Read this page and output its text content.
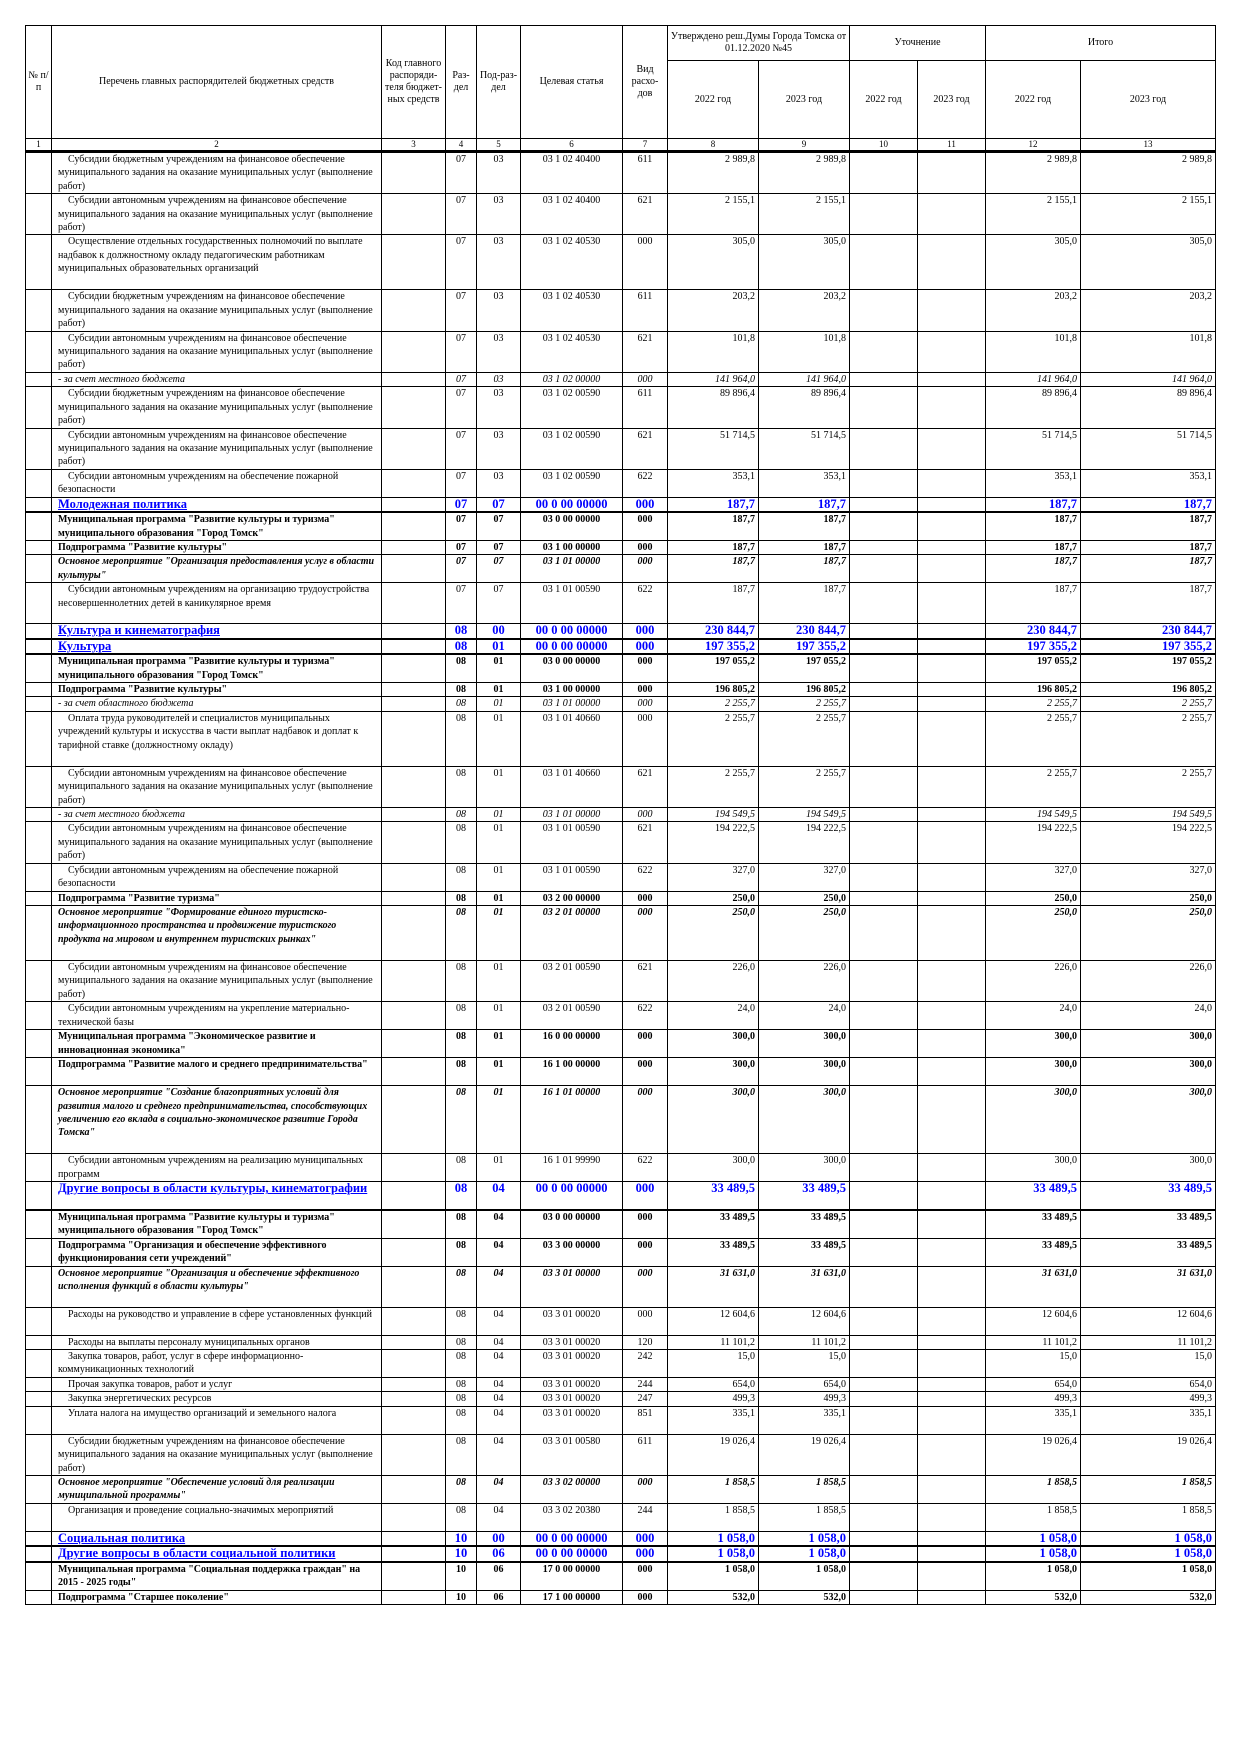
№ п/п	Перечень главных распорядителей бюджетных средств	Код главного распоряди-теля бюджет-ных средств	Раз-дел	Под-раз-дел	Целевая статья	Вид расхо-дов	Утверждено реш.Думы Города Томска от 01.12.2020 №45		Уточнение		Итого	
							2022 год	2023 год	2022 год	2023 год	2022 год	2023 год
1	2	3	4	5	6	7	8	9	10	11	12	13
	Субсидии бюджетным учреждениям на финансовое обеспечение муниципального задания на оказание муниципальных услуг (выполнение работ)		07	03	03 1 02 40400	611	2 989,8	2 989,8			2 989,8	2 989,8
	Субсидии автономным учреждениям на финансовое обеспечение муниципального задания на оказание муниципальных услуг (выполнение работ)		07	03	03 1 02 40400	621	2 155,1	2 155,1			2 155,1	2 155,1
	Осуществление отдельных государственных полномочий по выплате надбавок к должностному окладу педагогическим работникам муниципальных образовательных организаций		07	03	03 1 02 40530	000	305,0	305,0			305,0	305,0
	Субсидии бюджетным учреждениям на финансовое обеспечение муниципального задания на оказание муниципальных услуг (выполнение работ)		07	03	03 1 02 40530	611	203,2	203,2			203,2	203,2
	Субсидии автономным учреждениям на финансовое обеспечение муниципального задания на оказание муниципальных услуг (выполнение работ)		07	03	03 1 02 40530	621	101,8	101,8			101,8	101,8
	- за счет местного бюджета		07	03	03 1 02 00000	000	141 964,0	141 964,0			141 964,0	141 964,0
	Субсидии бюджетным учреждениям на финансовое обеспечение муниципального задания на оказание муниципальных услуг (выполнение работ)		07	03	03 1 02 00590	611	89 896,4	89 896,4			89 896,4	89 896,4
	Субсидии автономным учреждениям на финансовое обеспечение муниципального задания на оказание муниципальных услуг (выполнение работ)		07	03	03 1 02 00590	621	51 714,5	51 714,5			51 714,5	51 714,5
	Субсидии автономным учреждениям на обеспечение пожарной безопасности		07	03	03 1 02 00590	622	353,1	353,1			353,1	353,1
	Молодежная политика		07	07	00 0 00 00000	000	187,7	187,7			187,7	187,7
	Муниципальная программа "Развитие культуры и туризма" муниципального образования "Город Томск"		07	07	03 0 00 00000	000	187,7	187,7			187,7	187,7
	Подпрограмма "Развитие культуры"		07	07	03 1 00 00000	000	187,7	187,7			187,7	187,7
	Основное мероприятие "Организация предоставления услуг в области культуры"		07	07	03 1 01 00000	000	187,7	187,7			187,7	187,7
	Субсидии автономным учреждениям на организацию трудоустройства несовершеннолетних детей в каникулярное время		07	07	03 1 01 00590	622	187,7	187,7			187,7	187,7
	Культура и кинематография		08	00	00 0 00 00000	000	230 844,7	230 844,7			230 844,7	230 844,7
	Культура		08	01	00 0 00 00000	000	197 355,2	197 355,2			197 355,2	197 355,2
	Муниципальная программа "Развитие культуры и туризма" муниципального образования "Город Томск"		08	01	03 0 00 00000	000	197 055,2	197 055,2			197 055,2	197 055,2
	Подпрограмма "Развитие культуры"		08	01	03 1 00 00000	000	196 805,2	196 805,2			196 805,2	196 805,2
	- за счет областного бюджета		08	01	03 1 01 00000	000	2 255,7	2 255,7			2 255,7	2 255,7
	Оплата труда руководителей и специалистов муниципальных учреждений культуры и искусства в части выплат надбавок и доплат к тарифной ставке (должностному окладу)		08	01	03 1 01 40660	000	2 255,7	2 255,7			2 255,7	2 255,7
	Субсидии автономным учреждениям на финансовое обеспечение муниципального задания на оказание муниципальных услуг (выполнение работ)		08	01	03 1 01 40660	621	2 255,7	2 255,7			2 255,7	2 255,7
	- за счет местного бюджета		08	01	03 1 01 00000	000	194 549,5	194 549,5			194 549,5	194 549,5
	Субсидии автономным учреждениям на финансовое обеспечение муниципального задания на оказание муниципальных услуг (выполнение работ)		08	01	03 1 01 00590	621	194 222,5	194 222,5			194 222,5	194 222,5
	Субсидии автономным учреждениям на обеспечение пожарной безопасности		08	01	03 1 01 00590	622	327,0	327,0			327,0	327,0
	Подпрограмма "Развитие туризма"		08	01	03 2 00 00000	000	250,0	250,0			250,0	250,0
	Основное мероприятие "Формирование единого туристско-информационного пространства и продвижение туристского продукта на мировом и внутреннем туристских рынках"		08	01	03 2 01 00000	000	250,0	250,0			250,0	250,0
	Субсидии автономным учреждениям на финансовое обеспечение муниципального задания на оказание муниципальных услуг (выполнение работ)		08	01	03 2 01 00590	621	226,0	226,0			226,0	226,0
	Субсидии автономным учреждениям на укрепление материально-технической базы		08	01	03 2 01 00590	622	24,0	24,0			24,0	24,0
	Муниципальная программа "Экономическое развитие и инновационная экономика"		08	01	16 0 00 00000	000	300,0	300,0			300,0	300,0
	Подпрограмма "Развитие малого и среднего предпринимательства"		08	01	16 1 00 00000	000	300,0	300,0			300,0	300,0
	Основное мероприятие "Создание благоприятных условий для развития малого и среднего предпринимательства, способствующих увеличению его вклада в социально-экономическое развитие Города Томска"		08	01	16 1 01 00000	000	300,0	300,0			300,0	300,0
	Субсидии автономным учреждениям на реализацию муниципальных программ		08	01	16 1 01 99990	622	300,0	300,0			300,0	300,0
	Другие вопросы в области культуры, кинематографии		08	04	00 0 00 00000	000	33 489,5	33 489,5			33 489,5	33 489,5
	Муниципальная программа "Развитие культуры и туризма" муниципального образования "Город Томск"		08	04	03 0 00 00000	000	33 489,5	33 489,5			33 489,5	33 489,5
	Подпрограмма "Организация и обеспечение эффективного функционирования сети учреждений"		08	04	03 3 00 00000	000	33 489,5	33 489,5			33 489,5	33 489,5
	Основное мероприятие "Организация и обеспечение эффективного исполнения функций в области культуры"		08	04	03 3 01 00000	000	31 631,0	31 631,0			31 631,0	31 631,0
	Расходы на руководство и управление в сфере установленных функций		08	04	03 3 01 00020	000	12 604,6	12 604,6			12 604,6	12 604,6
	Расходы на выплаты персоналу муниципальных органов		08	04	03 3 01 00020	120	11 101,2	11 101,2			11 101,2	11 101,2
	Закупка товаров, работ, услуг в сфере информационно-коммуникационных технологий		08	04	03 3 01 00020	242	15,0	15,0			15,0	15,0
	Прочая закупка товаров, работ и услуг		08	04	03 3 01 00020	244	654,0	654,0			654,0	654,0
	Закупка энергетических ресурсов		08	04	03 3 01 00020	247	499,3	499,3			499,3	499,3
	Уплата налога на имущество организаций и земельного налога		08	04	03 3 01 00020	851	335,1	335,1			335,1	335,1
	Субсидии бюджетным учреждениям на финансовое обеспечение муниципального задания на оказание муниципальных услуг (выполнение работ)		08	04	03 3 01 00580	611	19 026,4	19 026,4			19 026,4	19 026,4
	Основное мероприятие "Обеспечение условий для реализации муниципальной программы"		08	04	03 3 02 00000	000	1 858,5	1 858,5			1 858,5	1 858,5
	Организация и проведение социально-значимых мероприятий		08	04	03 3 02 20380	244	1 858,5	1 858,5			1 858,5	1 858,5
	Социальная политика		10	00	00 0 00 00000	000	1 058,0	1 058,0			1 058,0	1 058,0
	Другие вопросы в области социальной политики		10	06	00 0 00 00000	000	1 058,0	1 058,0			1 058,0	1 058,0
	Муниципальная программа "Социальная поддержка граждан" на 2015 - 2025 годы"		10	06	17 0 00 00000	000	1 058,0	1 058,0			1 058,0	1 058,0
	Подпрограмма "Старшее поколение"		10	06	17 1 00 00000	000	532,0	532,0			532,0	532,0
